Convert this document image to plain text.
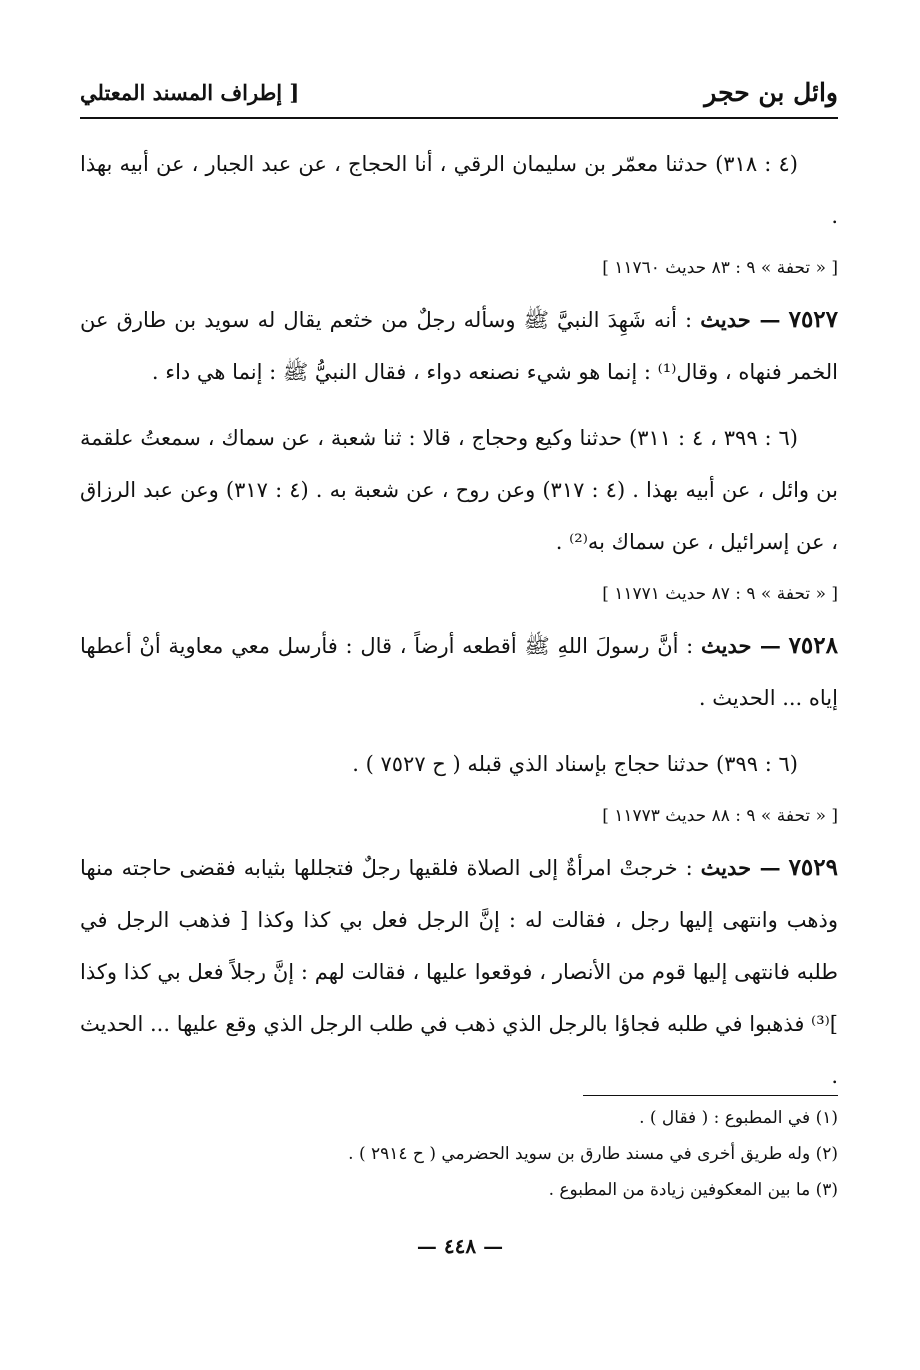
وائل بن حجر
[ إطراف المسند المعتلي

(٤ : ٣١٨) حدثنا معمّر بن سليمان الرقي ، أنا الحجاج ، عن عبد الجبار ، عن أبيه بهذا .

[ « تحفة » ٩ : ٨٣ حديث ١١٧٦٠ ]

٧٥٢٧ — حديث : أنه شَهِدَ النبيَّ ﷺ وسأله رجلٌ من خثعم يقال له سويد بن طارق عن الخمر فنهاه ، وقال⁽¹⁾ : إنما هو شيء نصنعه دواء ، فقال النبيُّ ﷺ : إنما هي داء .

(٦ : ٣٩٩ ، ٤ : ٣١١) حدثنا وكيع وحجاج ، قالا : ثنا شعبة ، عن سماك ، سمعتُ علقمة بن وائل ، عن أبيه بهذا . (٤ : ٣١٧) وعن روح ، عن شعبة به . (٤ : ٣١٧) وعن عبد الرزاق ، عن إسرائيل ، عن سماك به⁽²⁾ .

[ « تحفة » ٩ : ٨٧ حديث ١١٧٧١ ]

٧٥٢٨ — حديث : أنَّ رسولَ اللهِ ﷺ أقطعه أرضاً ، قال : فأرسل معي معاوية أنْ أعطها إياه ... الحديث .

(٦ : ٣٩٩) حدثنا حجاج بإسناد الذي قبله ( ح ٧٥٢٧ ) .

[ « تحفة » ٩ : ٨٨ حديث ١١٧٧٣ ]

٧٥٢٩ — حديث : خرجتْ امرأةٌ إلى الصلاة فلقيها رجلٌ فتجللها بثيابه فقضى حاجته منها وذهب وانتهى إليها رجل ، فقالت له : إنَّ الرجل فعل بي كذا وكذا [ فذهب الرجل في طلبه فانتهى إليها قوم من الأنصار ، فوقعوا عليها ، فقالت لهم : إنَّ رجلاً فعل بي كذا وكذا ]⁽³⁾ فذهبوا في طلبه فجاؤا بالرجل الذي ذهب في طلب الرجل الذي وقع عليها ... الحديث .

(١) في المطبوع : ( فقال ) .

(٢) وله طريق أخرى في مسند طارق بن سويد الحضرمي ( ح ٢٩١٤ ) .

(٣) ما بين المعكوفين زيادة من المطبوع .

— ٤٤٨ —
